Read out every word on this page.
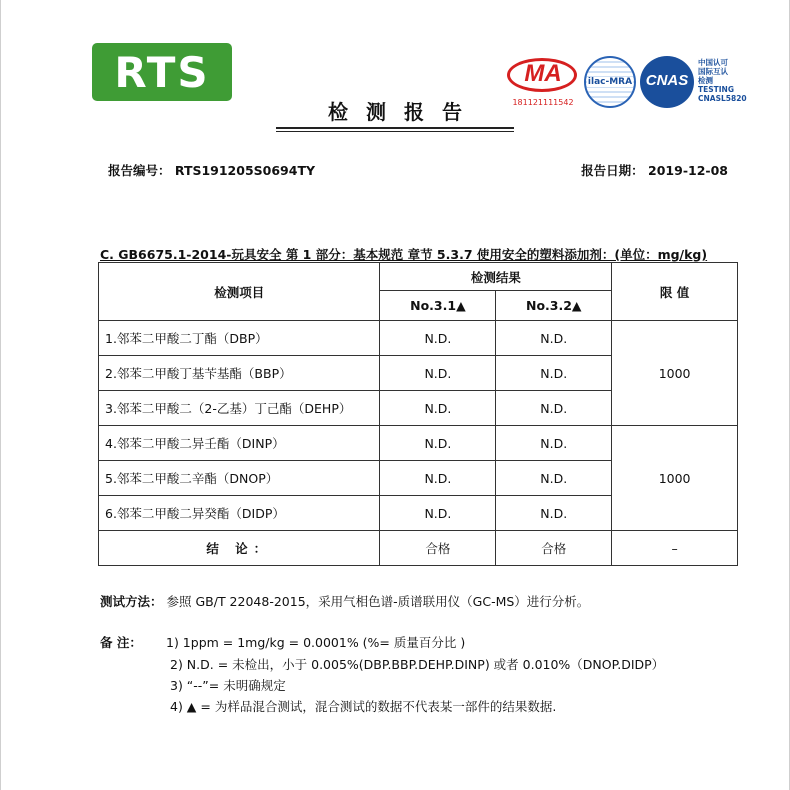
RTS
检测报告
MA
181121111542
ilac-MRA CNAS
中国认可
国际互认
检测
TESTING
CNASL5820
报告编号： RTS191205S0694TY	报告日期： 2019-12-08
C. GB6675.1-2014-玩具安全 第 1 部分：基本规范 章节 5.3.7 使用安全的塑料添加剂：(单位：mg/kg)
检测项目	检测结果		限 值
	No.3.1▲	No.3.2▲	
1.邻苯二甲酸二丁酯（DBP）	N.D.	N.D.	1000
2.邻苯二甲酸丁基苄基酯（BBP）	N.D.	N.D.	
3.邻苯二甲酸二（2-乙基）丁己酯（DEHP）	N.D.	N.D.	
4.邻苯二甲酸二异壬酯（DINP）	N.D.	N.D.	1000
5.邻苯二甲酸二辛酯（DNOP）	N.D.	N.D.	
6.邻苯二甲酸二异癸酯（DIDP）	N.D.	N.D.	
结 论：	合格	合格	–
测试方法： 参照 GB/T 22048-2015，采用气相色谱-质谱联用仪（GC-MS）进行分析。
备 注： 1) 1ppm = 1mg/kg = 0.0001% (%= 质量百分比 )
2) N.D. = 未检出，小于 0.005%(DBP.BBP.DEHP.DINP) 或者 0.010%（DNOP.DIDP）
3) “--”= 未明确规定
4) ▲ = 为样品混合测试，混合测试的数据不代表某一部件的结果数据.
